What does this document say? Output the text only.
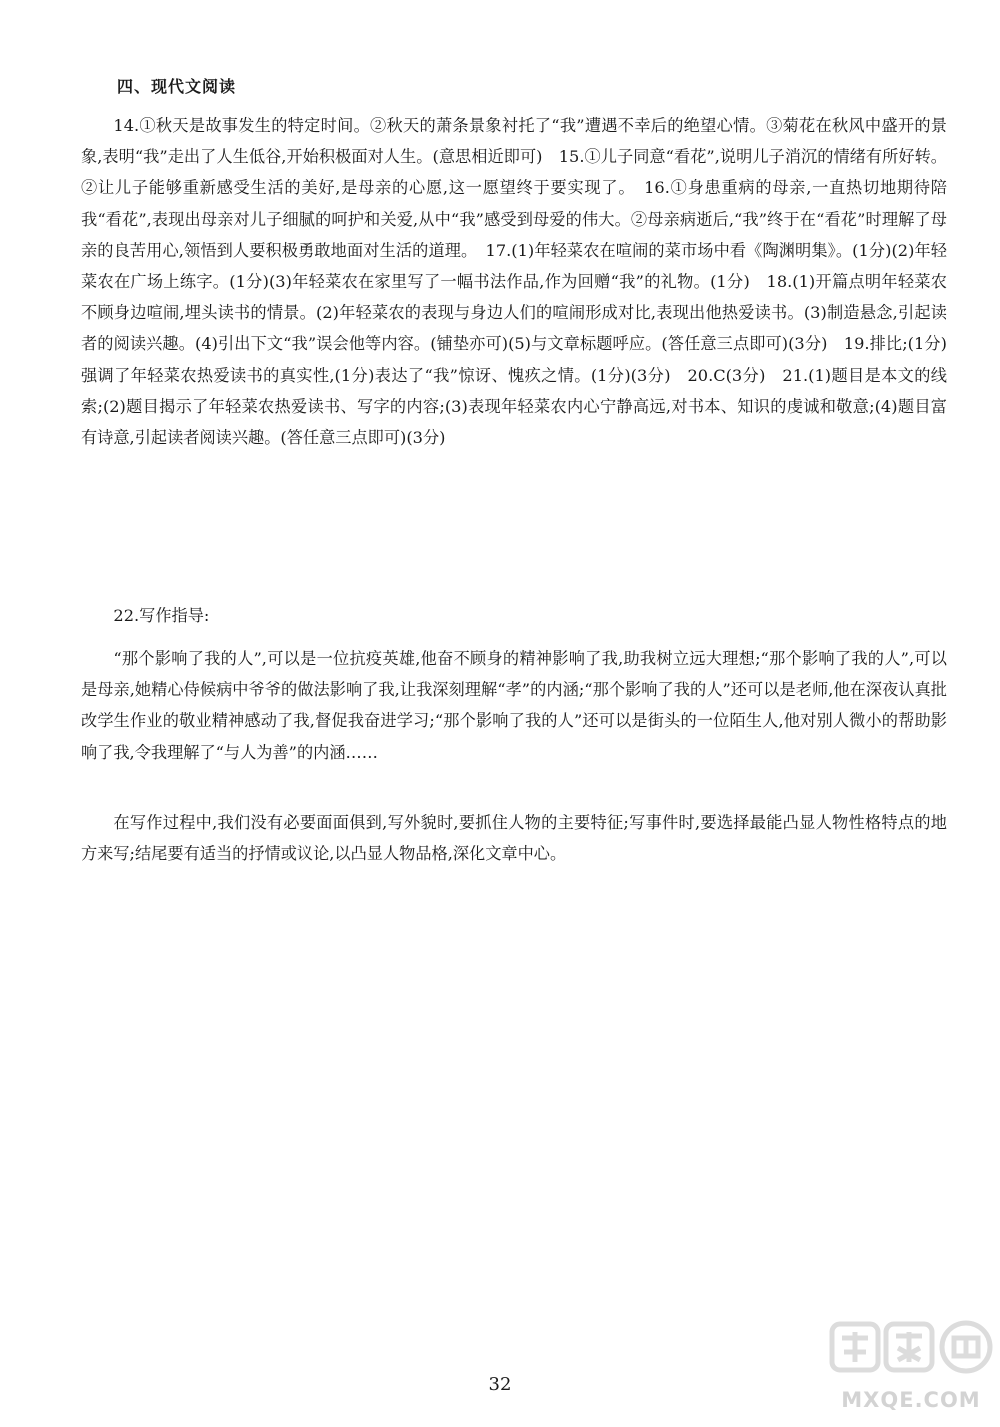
四、现代文阅读
14.①秋天是故事发生的特定时间。②秋天的萧条景象衬托了“我”遭遇不幸后的绝望心情。③菊花在秋风中盛开的景象,表明“我”走出了人生低谷,开始积极面对人生。(意思相近即可)　15.①儿子同意“看花”,说明儿子消沉的情绪有所好转。②让儿子能够重新感受生活的美好,是母亲的心愿,这一愿望终于要实现了。　16.①身患重病的母亲,一直热切地期待陪我“看花”,表现出母亲对儿子细腻的呵护和关爱,从中“我”感受到母爱的伟大。②母亲病逝后,“我”终于在“看花”时理解了母亲的良苦用心,领悟到人要积极勇敢地面对生活的道理。　17.(1)年轻菜农在喧闹的菜市场中看《陶渊明集》。(1分)(2)年轻菜农在广场上练字。(1分)(3)年轻菜农在家里写了一幅书法作品,作为回赠“我”的礼物。(1分)　18.(1)开篇点明年轻菜农不顾身边喧闹,埋头读书的情景。(2)年轻菜农的表现与身边人们的喧闹形成对比,表现出他热爱读书。(3)制造悬念,引起读者的阅读兴趣。(4)引出下文“我”误会他等内容。(铺垫亦可)(5)与文章标题呼应。(答任意三点即可)(3分)　19.排比;(1分)强调了年轻菜农热爱读书的真实性,(1分)表达了“我”惊讶、愧疚之情。(1分)(3分)　20.C(3分)　21.(1)题目是本文的线索;(2)题目揭示了年轻菜农热爱读书、写字的内容;(3)表现年轻菜农内心宁静高远,对书本、知识的虔诚和敬意;(4)题目富有诗意,引起读者阅读兴趣。(答任意三点即可)(3分)
22.写作指导:
“那个影响了我的人”,可以是一位抗疫英雄,他奋不顾身的精神影响了我,助我树立远大理想;“那个影响了我的人”,可以是母亲,她精心侍候病中爷爷的做法影响了我,让我深刻理解“孝”的内涵;“那个影响了我的人”还可以是老师,他在深夜认真批改学生作业的敬业精神感动了我,督促我奋进学习;“那个影响了我的人”还可以是街头的一位陌生人,他对别人微小的帮助影响了我,令我理解了“与人为善”的内涵……
在写作过程中,我们没有必要面面俱到,写外貌时,要抓住人物的主要特征;写事件时,要选择最能凸显人物性格特点的地方来写;结尾要有适当的抒情或议论,以凸显人物品格,深化文章中心。
32
MXQE.COM
